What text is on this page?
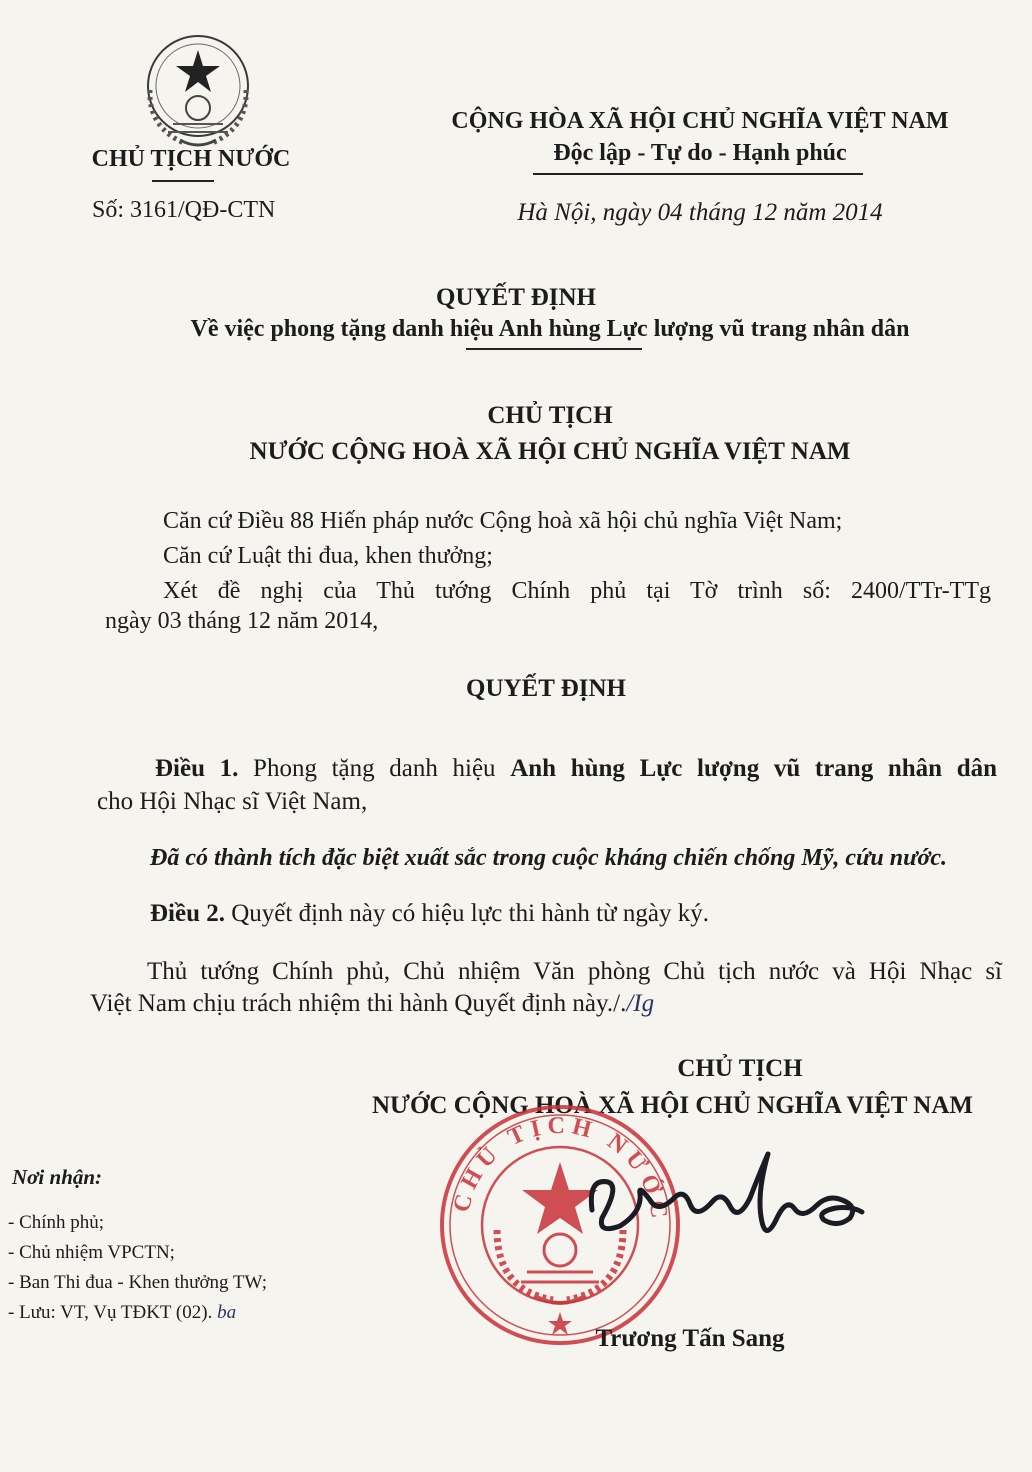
CHỦ TỊCH NƯỚC
Số: 3161/QĐ-CTN
CỘNG HÒA XÃ HỘI CHỦ NGHĨA VIỆT NAM
Độc lập - Tự do - Hạnh phúc
Hà Nội, ngày 04 tháng 12 năm 2014
QUYẾT ĐỊNH
Về việc phong tặng danh hiệu Anh hùng Lực lượng vũ trang nhân dân
CHỦ TỊCH
NƯỚC CỘNG HOÀ XÃ HỘI CHỦ NGHĨA VIỆT NAM
Căn cứ Điều 88 Hiến pháp nước Cộng hoà xã hội chủ nghĩa Việt Nam;
Căn cứ Luật thi đua, khen thưởng;
Xét đề nghị của Thủ tướng Chính phủ tại Tờ trình số: 2400/TTr-TTg
ngày 03 tháng 12 năm 2014,
QUYẾT ĐỊNH
Điều 1. Phong tặng danh hiệu Anh hùng Lực lượng vũ trang nhân dân
cho Hội Nhạc sĩ Việt Nam,
Đã có thành tích đặc biệt xuất sắc trong cuộc kháng chiến chống Mỹ, cứu nước.
Điều 2. Quyết định này có hiệu lực thi hành từ ngày ký.
Thủ tướng Chính phủ, Chủ nhiệm Văn phòng Chủ tịch nước và Hội Nhạc sĩ
Việt Nam chịu trách nhiệm thi hành Quyết định này././Ig
CHỦ TỊCH
NƯỚC CỘNG HOÀ XÃ HỘI CHỦ NGHĨA VIỆT NAM
CHỦ TỊCH NƯỚC
Trương Tấn Sang
Nơi nhận:
- Chính phủ;
- Chủ nhiệm VPCTN;
- Ban Thi đua - Khen thưởng TW;
- Lưu: VT, Vụ TĐKT (02). ba
